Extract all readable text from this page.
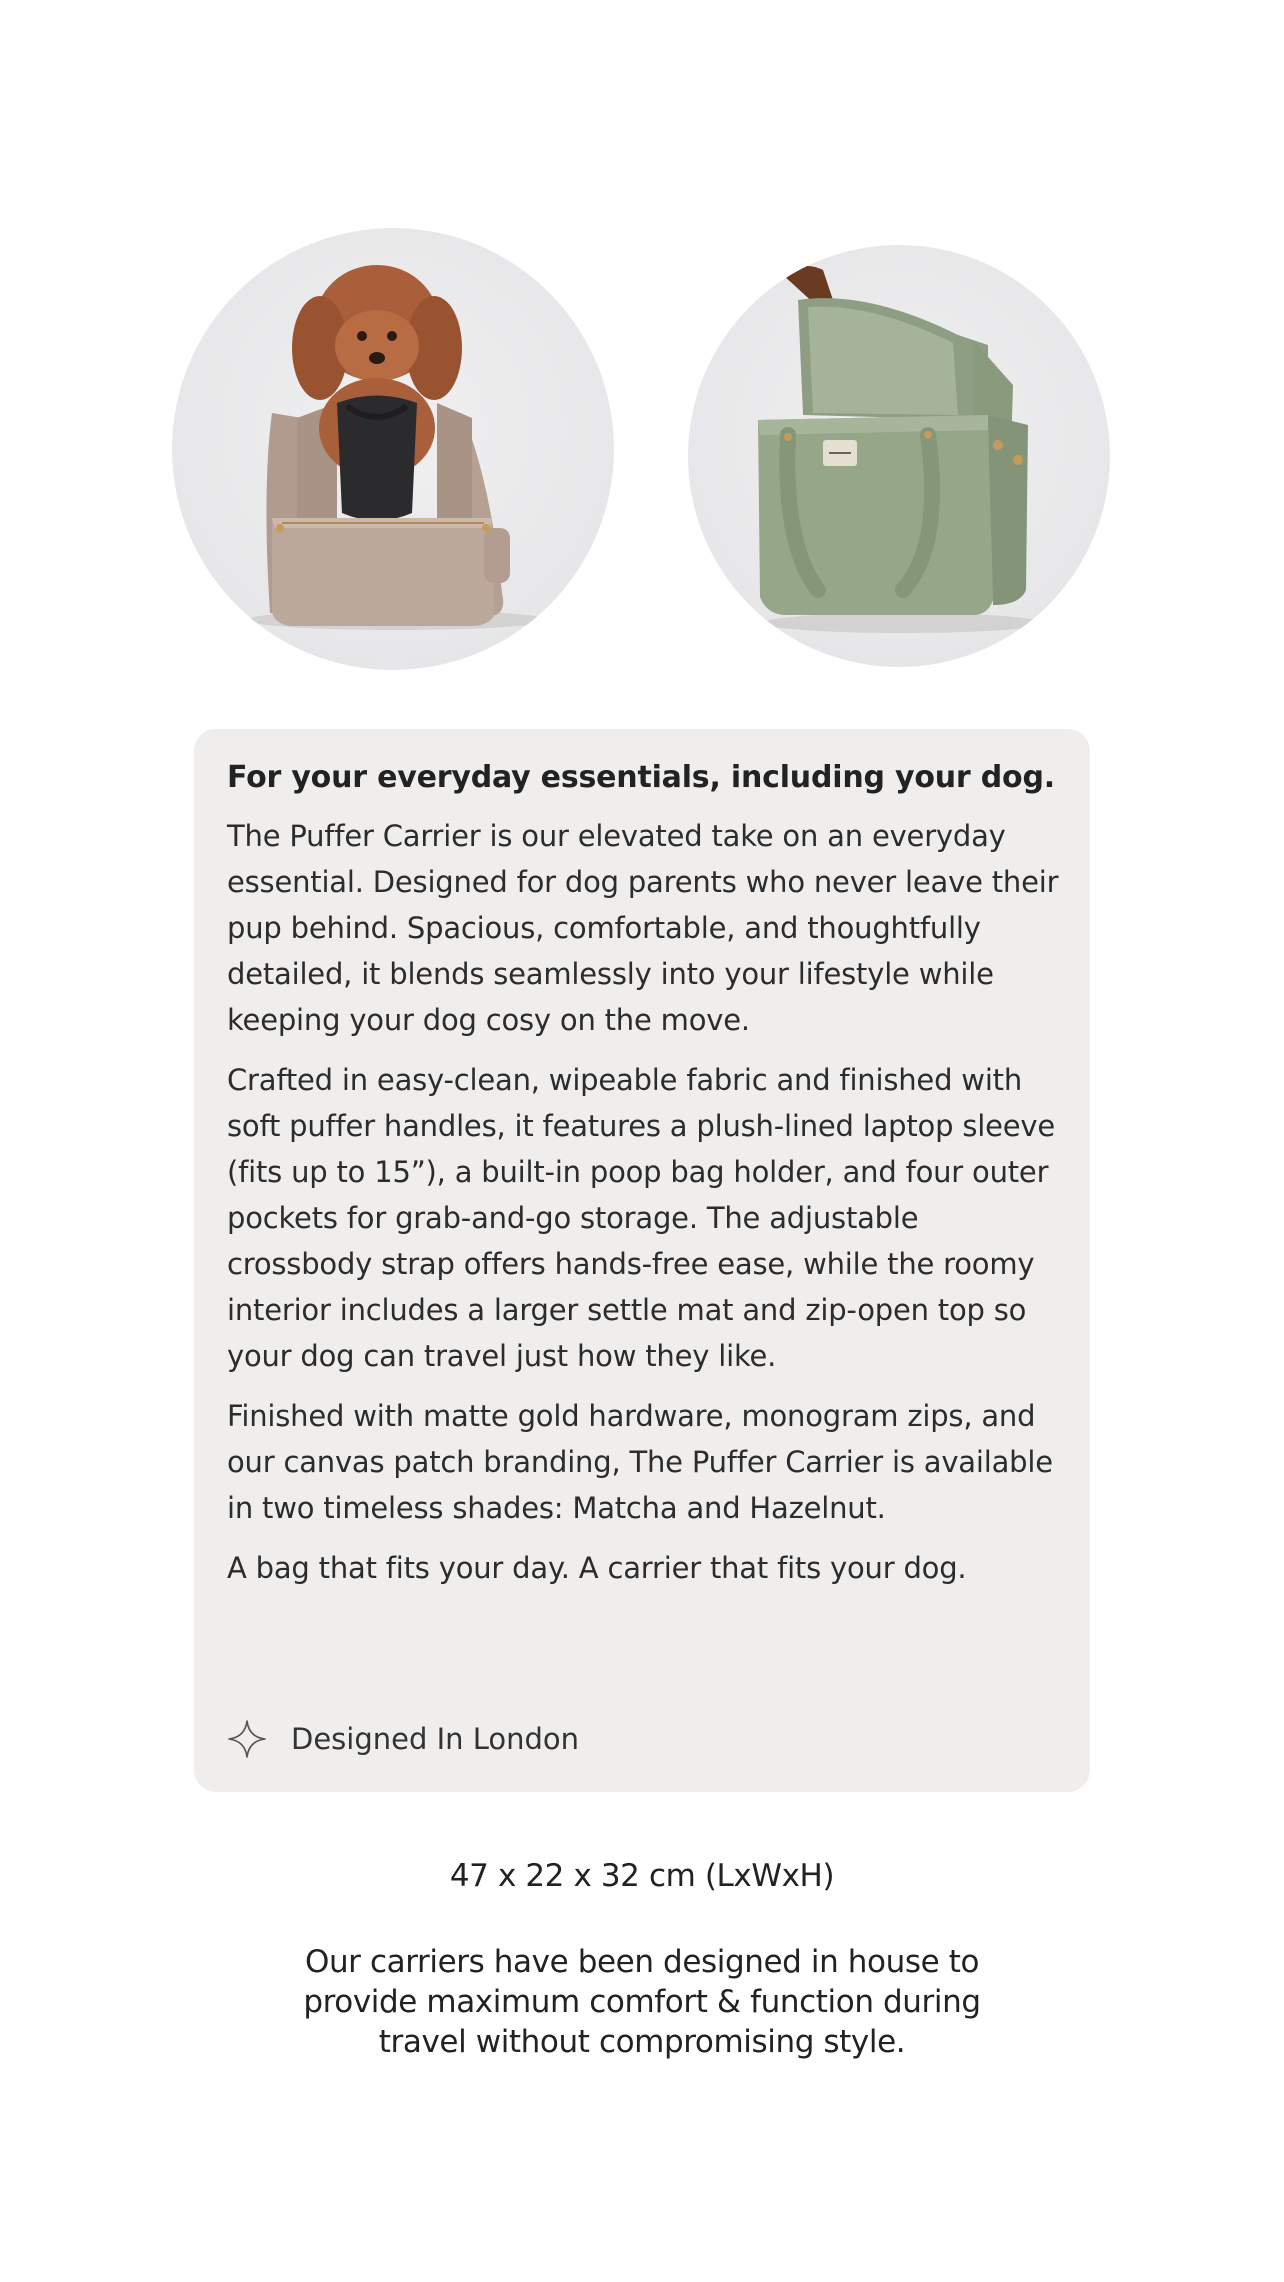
For your everyday essentials, including your dog.

The Puffer Carrier is our elevated take on an everyday essential. Designed for dog parents who never leave their pup behind. Spacious, comfortable, and thoughtfully detailed, it blends seamlessly into your lifestyle while keeping your dog cosy on the move.

Crafted in easy-clean, wipeable fabric and finished with soft puffer handles, it features a plush-lined laptop sleeve (fits up to 15”), a built-in poop bag holder, and four outer pockets for grab-and-go storage. The adjustable crossbody strap offers hands-free ease, while the roomy interior includes a larger settle mat and zip-open top so your dog can travel just how they like.

Finished with matte gold hardware, monogram zips, and our canvas patch branding, The Puffer Carrier is available in two timeless shades: Matcha and Hazelnut.

A bag that fits your day. A carrier that fits your dog.

Designed In London
47 x 22 x 32 cm (LxWxH)
Our carriers have been designed in house to provide maximum comfort & function during travel without compromising style.
